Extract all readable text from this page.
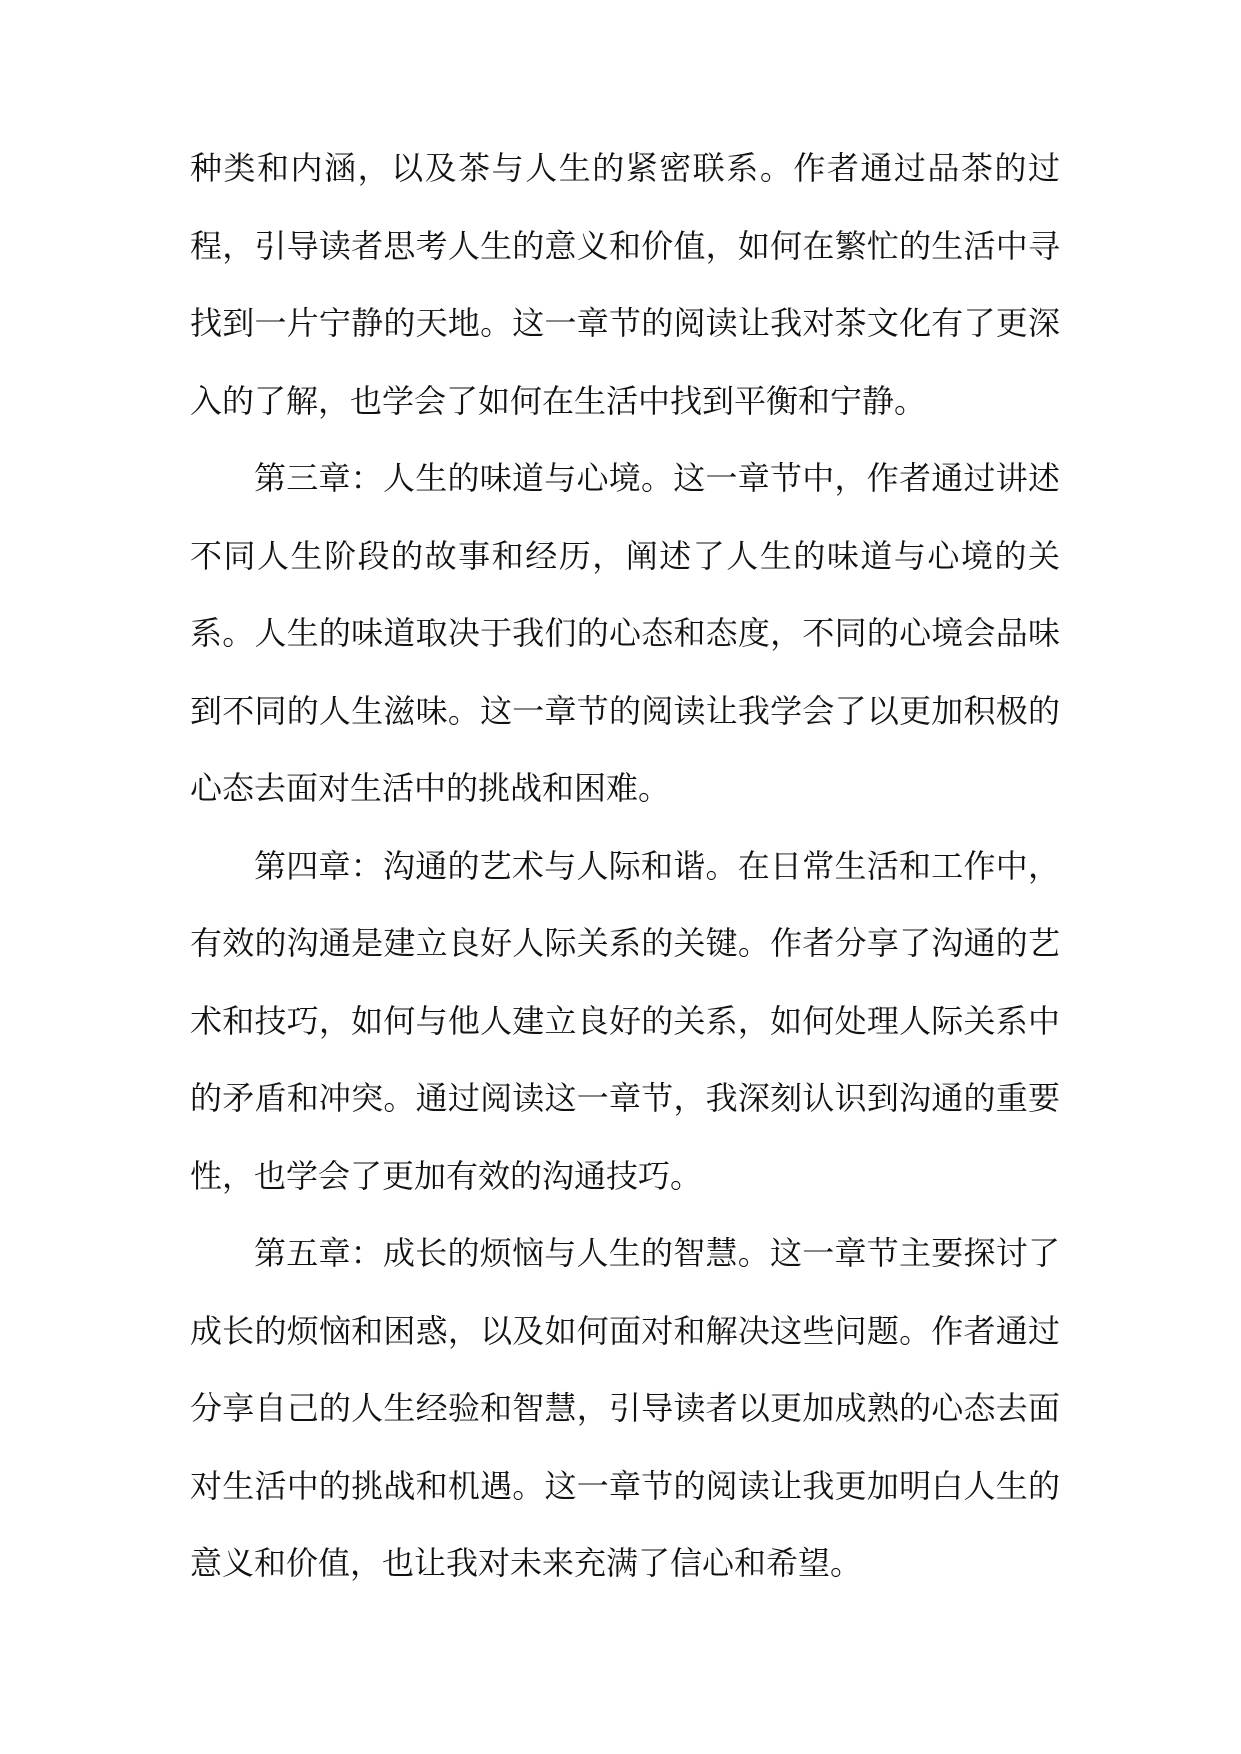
种类和内涵，以及茶与人生的紧密联系。作者通过品茶的过程，引导读者思考人生的意义和价值，如何在繁忙的生活中寻找到一片宁静的天地。这一章节的阅读让我对茶文化有了更深入的了解，也学会了如何在生活中找到平衡和宁静。

第三章：人生的味道与心境。这一章节中，作者通过讲述不同人生阶段的故事和经历，阐述了人生的味道与心境的关系。人生的味道取决于我们的心态和态度，不同的心境会品味到不同的人生滋味。这一章节的阅读让我学会了以更加积极的心态去面对生活中的挑战和困难。

第四章：沟通的艺术与人际和谐。在日常生活和工作中，有效的沟通是建立良好人际关系的关键。作者分享了沟通的艺术和技巧，如何与他人建立良好的关系，如何处理人际关系中的矛盾和冲突。通过阅读这一章节，我深刻认识到沟通的重要性，也学会了更加有效的沟通技巧。

第五章：成长的烦恼与人生的智慧。这一章节主要探讨了成长的烦恼和困惑，以及如何面对和解决这些问题。作者通过分享自己的人生经验和智慧，引导读者以更加成熟的心态去面对生活中的挑战和机遇。这一章节的阅读让我更加明白人生的意义和价值，也让我对未来充满了信心和希望。
